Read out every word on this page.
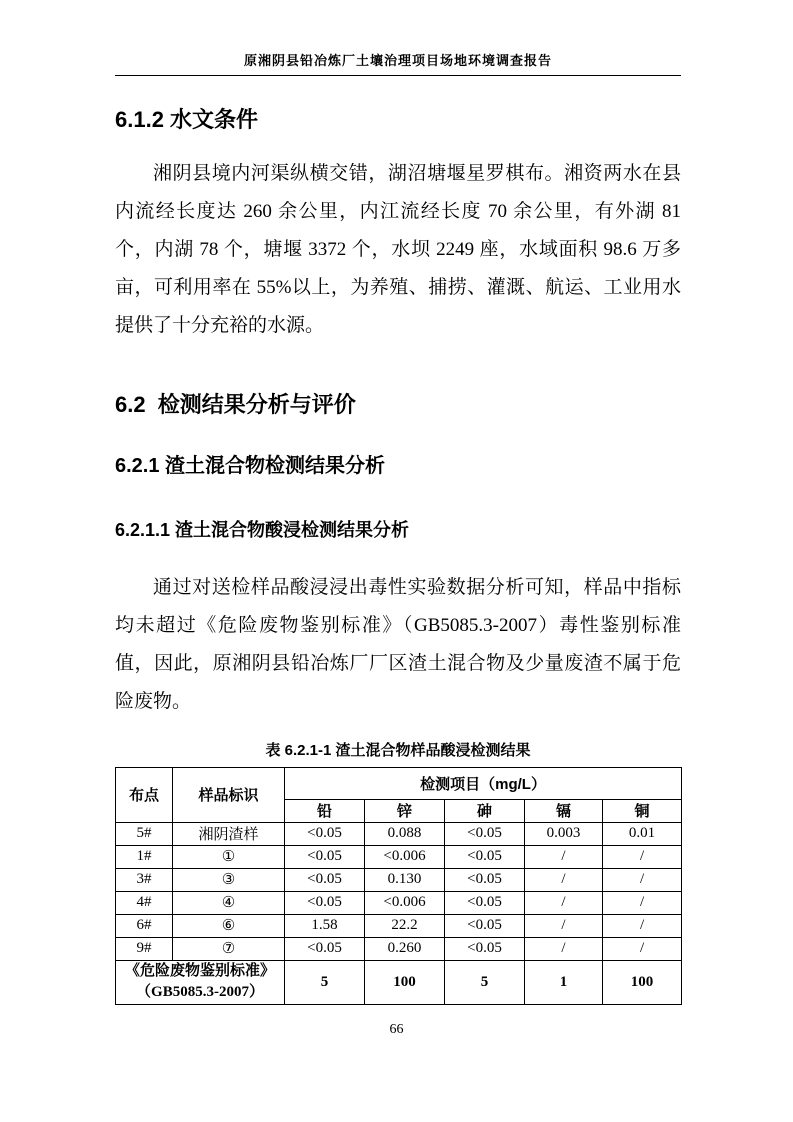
原湘阴县铅冶炼厂土壤治理项目场地环境调查报告
6.1.2 水文条件

湘阴县境内河渠纵横交错，湖沼塘堰星罗棋布。湘资两水在县内流经长度达 260 余公里，内江流经长度 70 余公里，有外湖 81 个，内湖 78 个，塘堰 3372 个，水坝 2249 座，水域面积 98.6 万多亩，可利用率在 55%以上，为养殖、捕捞、灌溉、航运、工业用水提供了十分充裕的水源。

6.2  检测结果分析与评价
6.2.1 渣土混合物检测结果分析
6.2.1.1 渣土混合物酸浸检测结果分析

通过对送检样品酸浸浸出毒性实验数据分析可知，样品中指标均未超过《危险废物鉴别标准》（GB5085.3-2007）毒性鉴别标准值，因此，原湘阴县铅冶炼厂厂区渣土混合物及少量废渣不属于危险废物。

表 6.2.1-1 渣土混合物样品酸浸检测结果
布点	样品标识	检测项目（mg/L）				
		铅	锌	砷	镉	铜
5#	湘阴渣样	<0.05	0.088	<0.05	0.003	0.01
1#	①	<0.05	<0.006	<0.05	/	/
3#	③	<0.05	0.130	<0.05	/	/
4#	④	<0.05	<0.006	<0.05	/	/
6#	⑥	1.58	22.2	<0.05	/	/
9#	⑦	<0.05	0.260	<0.05	/	/

《危险废物鉴别标准》
（GB5085.3-2007）		5	100	5	1	100
66
